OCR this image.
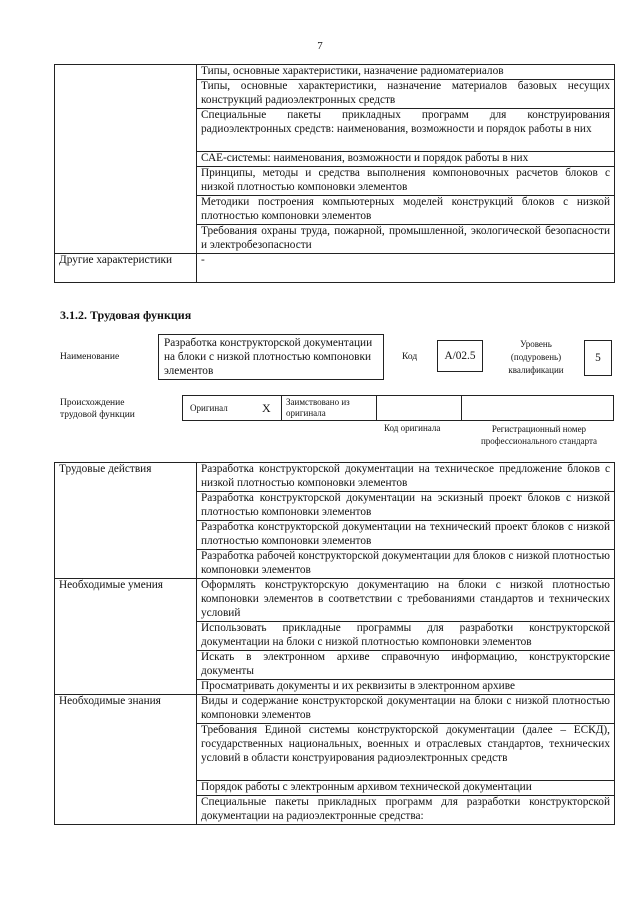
7
	Типы, основные характеристики, назначение радиоматериалов
	Типы, основные характеристики, назначение материалов базовых несущих конструкций радиоэлектронных средств
	Специальные пакеты прикладных программ для конструирования радиоэлектронных средств: наименования, возможности и порядок работы в них
	САЕ-системы: наименования, возможности и порядок работы в них
	Принципы, методы и средства выполнения компоновочных расчетов блоков с низкой плотностью компоновки элементов
	Методики построения компьютерных моделей конструкций блоков с низкой плотностью компоновки элементов
	Требования охраны труда, пожарной, промышленной, экологической безопасности и электробезопасности
Другие характеристики	-
3.1.2. Трудовая функция
Наименование
Разработка конструкторской документации на блоки с низкой плотностью компоновки элементов
Код	A/02.5
Уровень (подуровень) квалификации
5
Происхождение трудовой функции
Оригинал	X Заимствовано из оригинала
Код оригинала	Регистрационный номер профессионального стандарта
Трудовые действия	Разработка конструкторской документации на техническое предложение блоков с низкой плотностью компоновки элементов
	Разработка конструкторской документации на эскизный проект блоков с низкой плотностью компоновки элементов
	Разработка конструкторской документации на технический проект блоков с низкой плотностью компоновки элементов
	Разработка рабочей конструкторской документации для блоков с низкой плотностью компоновки элементов
Необходимые умения	Оформлять конструкторскую документацию на блоки с низкой плотностью компоновки элементов в соответствии с требованиями стандартов и технических условий
	Использовать прикладные программы для разработки конструкторской документации на блоки с низкой плотностью компоновки элементов
	Искать в электронном архиве справочную информацию, конструкторские документы
	Просматривать документы и их реквизиты в электронном архиве
Необходимые знания	Виды и содержание конструкторской документации на блоки с низкой плотностью компоновки элементов
	Требования Единой системы конструкторской документации (далее – ЕСКД), государственных национальных, военных и отраслевых стандартов, технических условий в области конструирования радиоэлектронных средств
	Порядок работы с электронным архивом технической документации
	Специальные пакеты прикладных программ для разработки конструкторской документации на радиоэлектронные средства:
